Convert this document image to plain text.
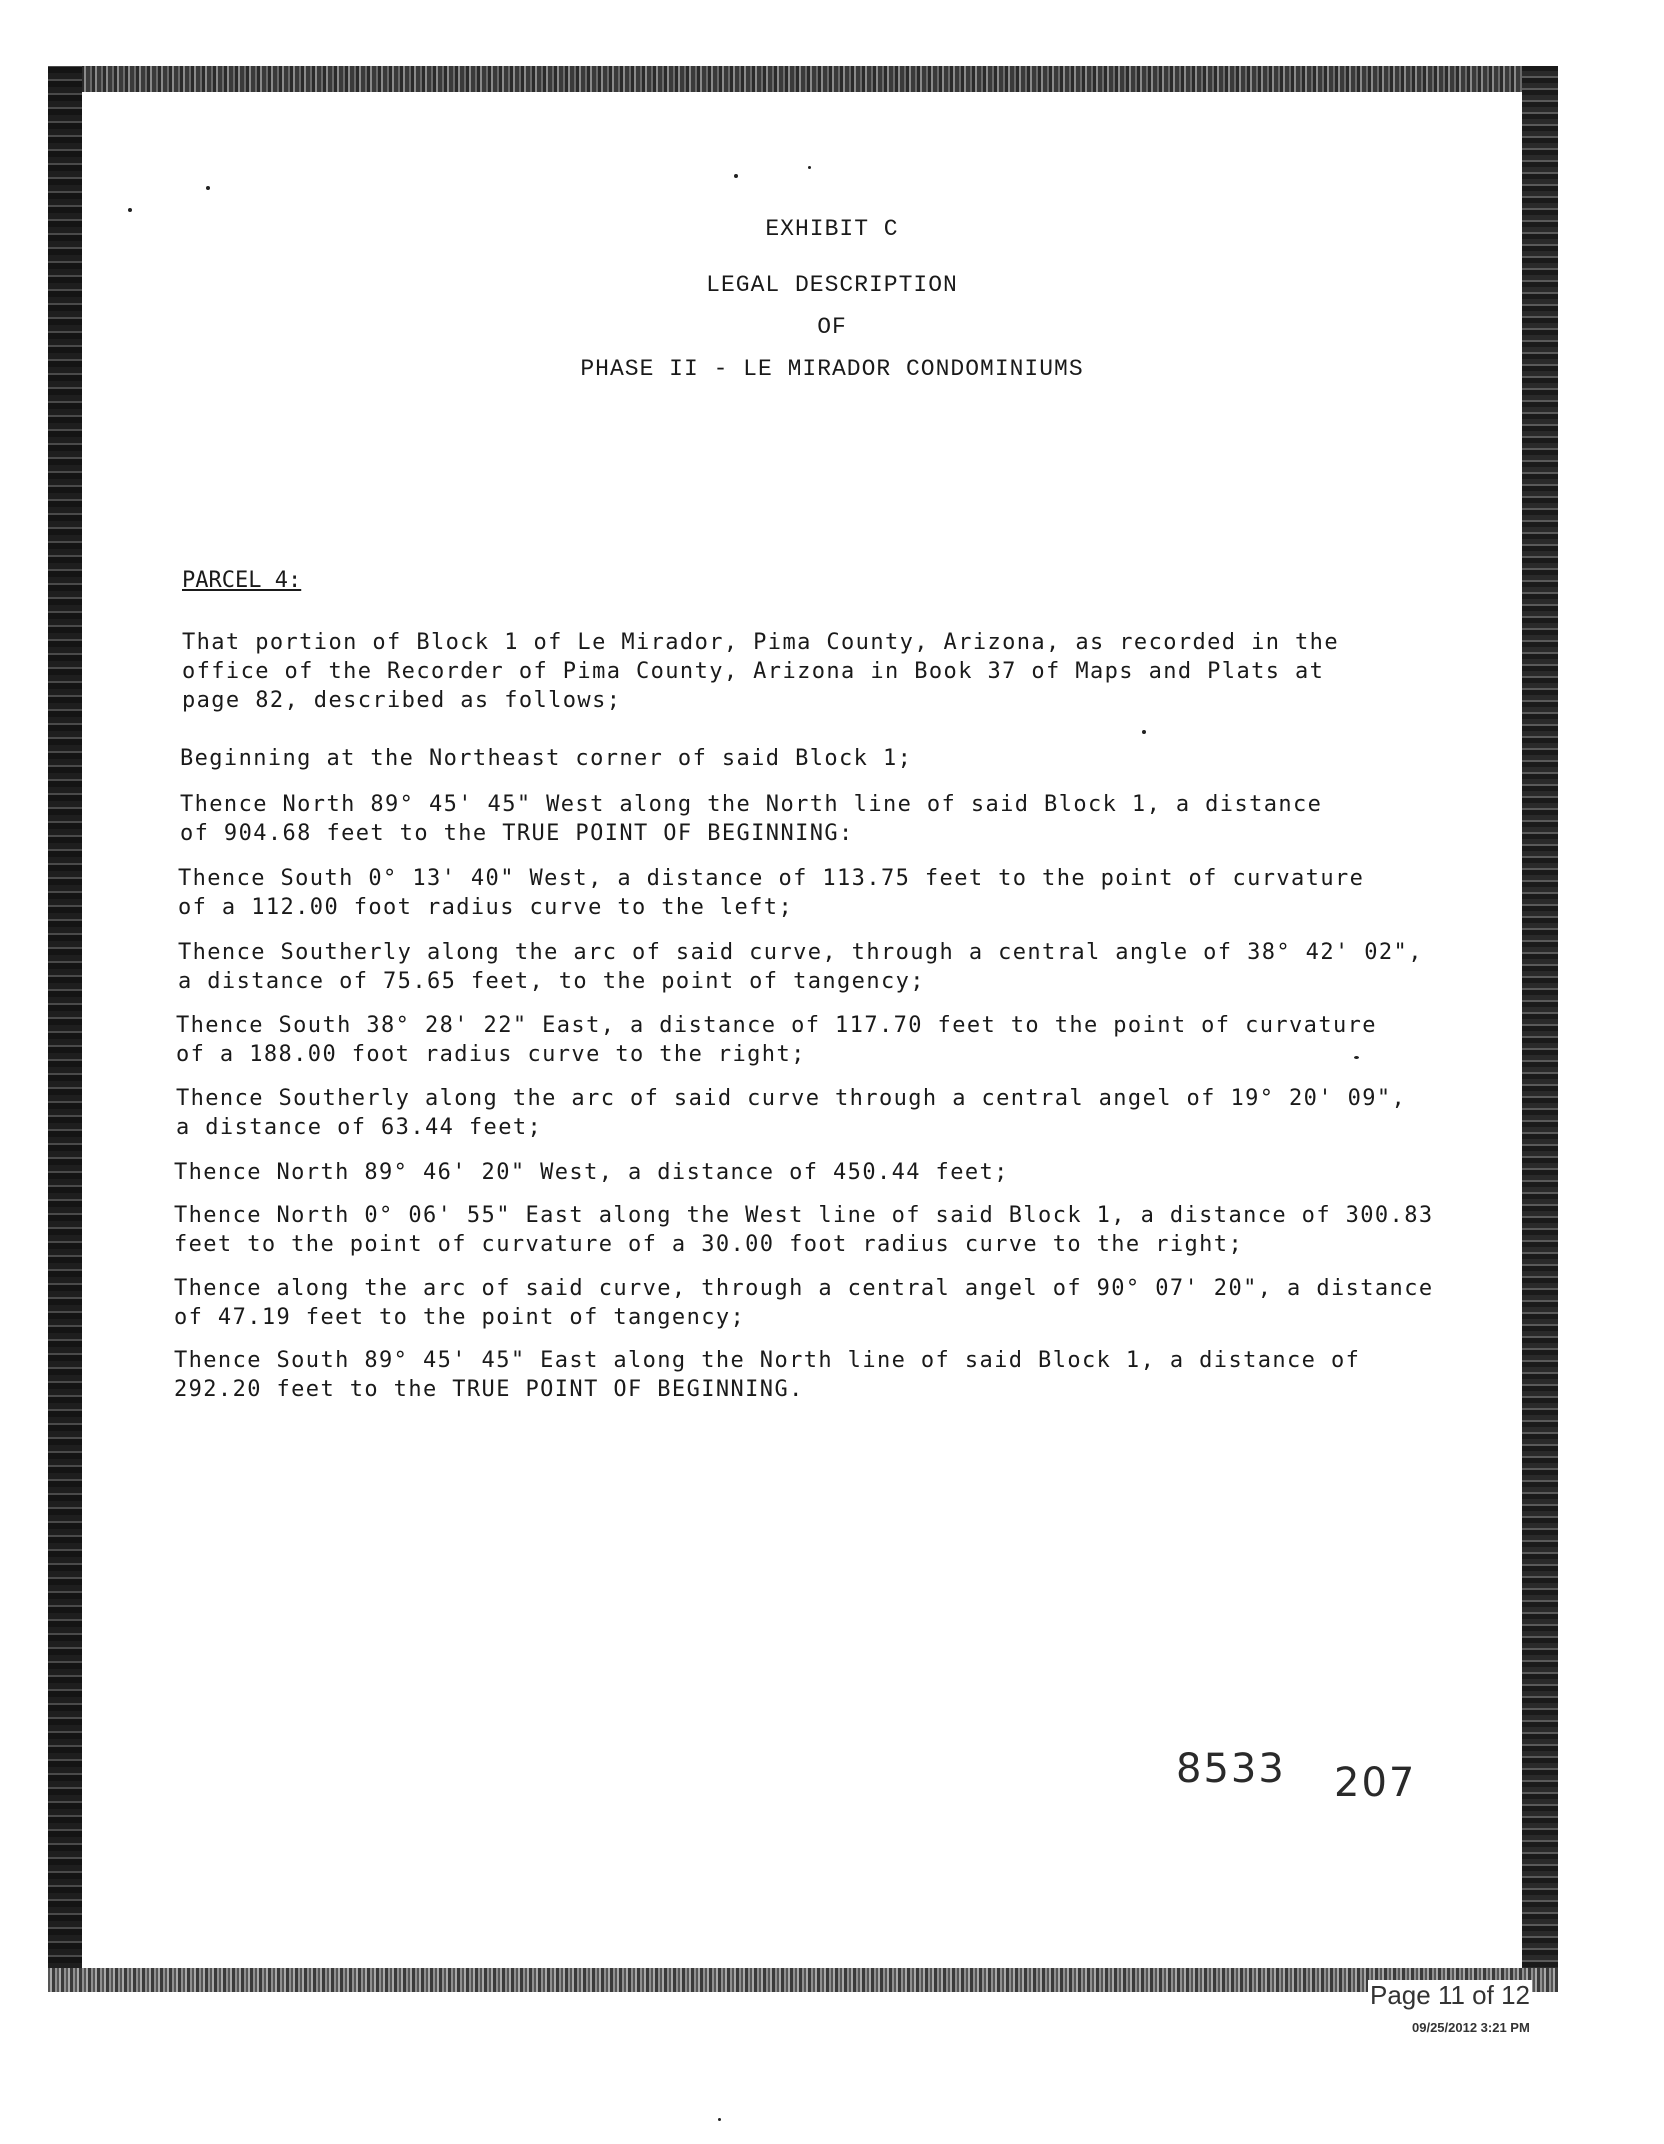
EXHIBIT C
LEGAL DESCRIPTION
OF
PHASE II - LE MIRADOR CONDOMINIUMS
PARCEL 4:
That portion of Block 1 of Le Mirador, Pima County, Arizona, as recorded in the
office of the Recorder of Pima County, Arizona in Book 37 of Maps and Plats at
page 82, described as follows;
Beginning at the Northeast corner of said Block 1;
Thence North 89° 45' 45" West along the North line of said Block 1, a distance
of 904.68 feet to the TRUE POINT OF BEGINNING:
Thence South 0° 13' 40" West, a distance of 113.75 feet to the point of curvature
of a 112.00 foot radius curve to the left;
Thence Southerly along the arc of said curve, through a central angle of 38° 42' 02",
a distance of 75.65 feet, to the point of tangency;
Thence South 38° 28' 22" East, a distance of 117.70 feet to the point of curvature
of a 188.00 foot radius curve to the right;
Thence Southerly along the arc of said curve through a central angel of 19° 20' 09",
a distance of 63.44 feet;
Thence North 89° 46' 20" West, a distance of 450.44 feet;
Thence North 0° 06' 55" East along the West line of said Block 1, a distance of 300.83
feet to the point of curvature of a 30.00 foot radius curve to the right;
Thence along the arc of said curve, through a central angel of 90° 07' 20", a distance
of 47.19 feet to the point of tangency;
Thence South 89° 45' 45" East along the North line of said Block 1, a distance of
292.20 feet to the TRUE POINT OF BEGINNING.
8533 207
Page 11 of 12
09/25/2012 3:21 PM
